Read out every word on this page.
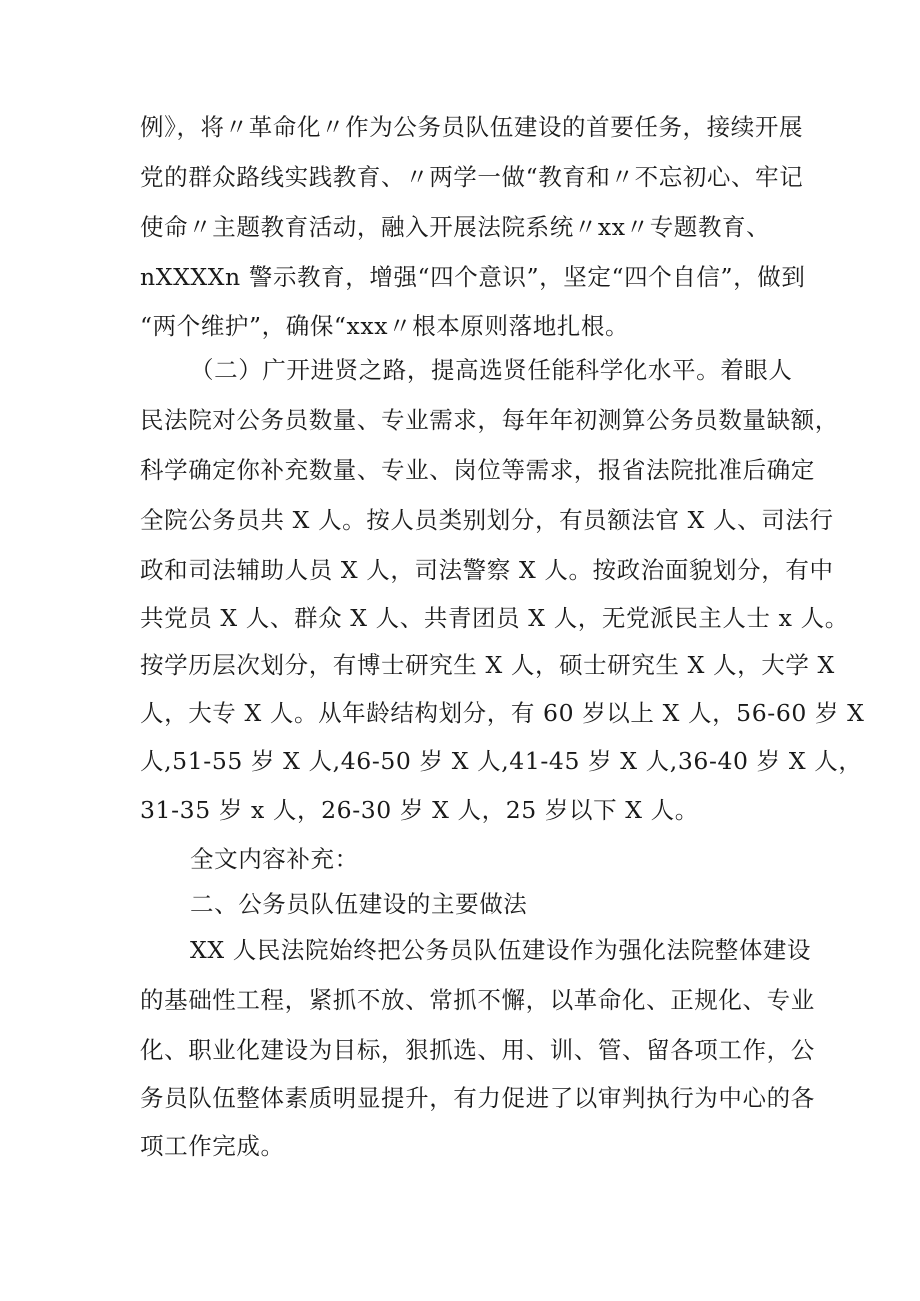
例》，将〃革命化〃作为公务员队伍建设的首要任务，接续开展
党的群众路线实践教育、〃两学一做“教育和〃不忘初心、牢记
使命〃主题教育活动，融入开展法院系统〃xx〃专题教育、
nXXXXn 警示教育，增强“四个意识”，坚定“四个自信”，做到
“两个维护”，确保“xxx〃根本原则落地扎根。
（二）广开进贤之路，提高选贤任能科学化水平。着眼人
民法院对公务员数量、专业需求，每年年初测算公务员数量缺额，
科学确定你补充数量、专业、岗位等需求，报省法院批准后确定
全院公务员共 X 人。按人员类别划分，有员额法官 X 人、司法行
政和司法辅助人员 X 人，司法警察 X 人。按政治面貌划分，有中
共党员 X 人、群众 X 人、共青团员 X 人，无党派民主人士 x 人。
按学历层次划分，有博士研究生 X 人，硕士研究生 X 人，大学 X
人，大专 X 人。从年龄结构划分，有 60 岁以上 X 人，56-60 岁 X
人,51-55 岁 X 人,46-50 岁 X 人,41-45 岁 X 人,36-40 岁 X 人，
31-35 岁 x 人，26-30 岁 X 人，25 岁以下 X 人。
全文内容补充：
二、公务员队伍建设的主要做法
XX 人民法院始终把公务员队伍建设作为强化法院整体建设
的基础性工程，紧抓不放、常抓不懈，以革命化、正规化、专业
化、职业化建设为目标，狠抓选、用、训、管、留各项工作，公
务员队伍整体素质明显提升，有力促进了以审判执行为中心的各
项工作完成。
